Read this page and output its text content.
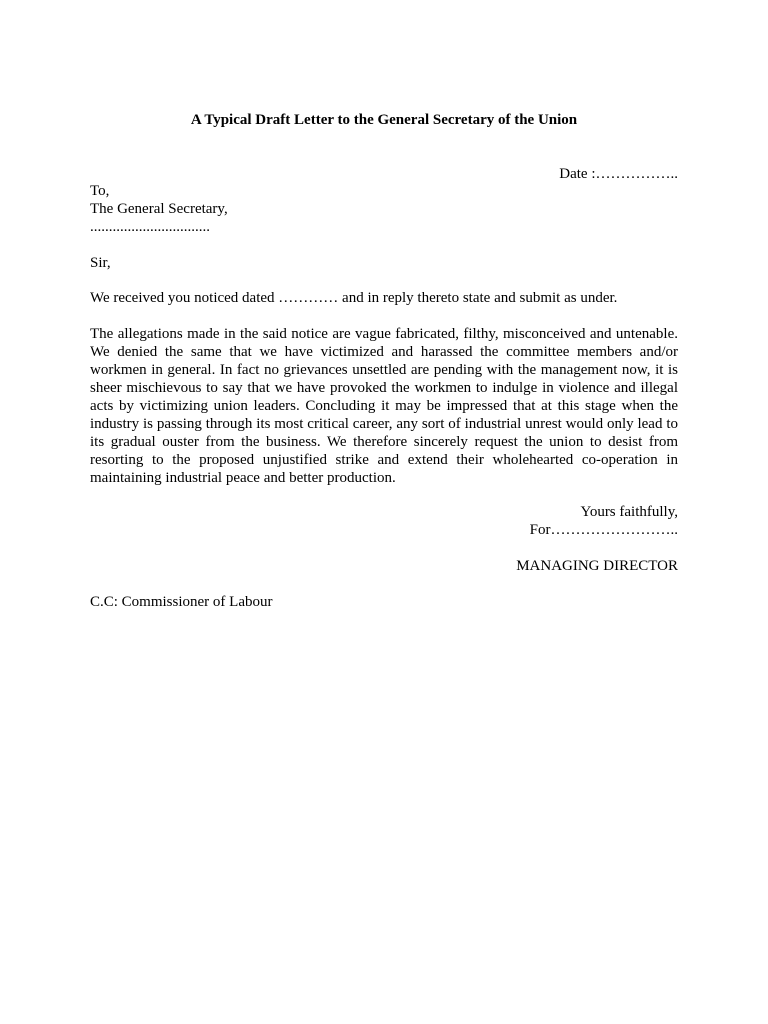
A Typical Draft Letter to the General Secretary of the Union
Date :……………..
To,
The General Secretary,
................................
Sir,
We received you noticed dated ………… and in reply thereto state and submit as under.
The allegations made in the said notice are vague fabricated, filthy, misconceived and untenable. We denied the same that we have victimized and harassed the committee members and/or workmen in general. In fact no grievances unsettled are pending with the management now, it is sheer mischievous to say that we have provoked the workmen to indulge in violence and illegal acts by victimizing union leaders. Concluding it may be impressed that at this stage when the industry is passing through its most critical career, any sort of industrial unrest would only lead to its gradual ouster from the business. We therefore sincerely request the union to desist from resorting to the proposed unjustified strike and extend their wholehearted co-operation in maintaining industrial peace and better production.
Yours faithfully,
For……………………..
MANAGING DIRECTOR
C.C: Commissioner of Labour
